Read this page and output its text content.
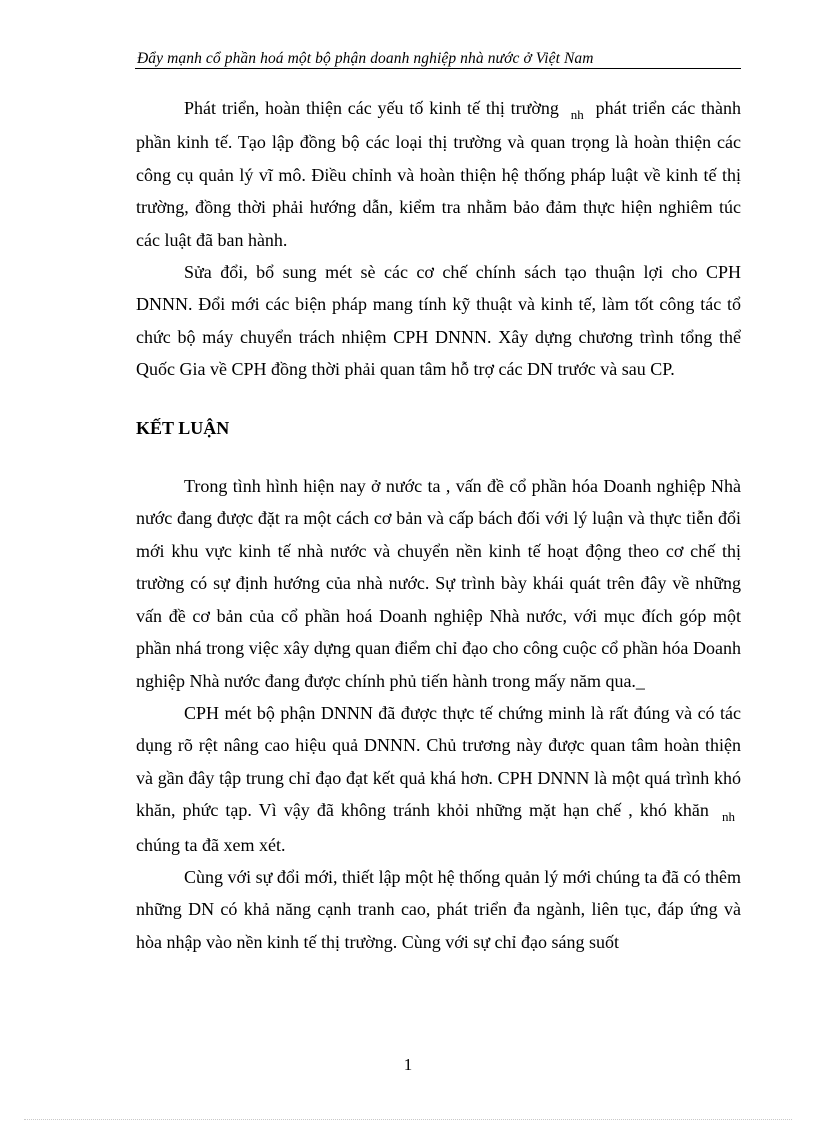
Đẩy mạnh cổ phần hoá một bộ phận doanh nghiệp nhà nước ở Việt Nam

Phát triển, hoàn thiện các yếu tố kinh tế thị trường $_{nh}$ phát triển các thành phần kinh tế. Tạo lập đồng bộ các loại thị trường và quan trọng là hoàn thiện các công cụ quản lý vĩ mô. Điều chỉnh và hoàn thiện hệ thống pháp luật về kinh tế thị trường, đồng thời phải hướng dẫn, kiểm tra nhằm bảo đảm thực hiện nghiêm túc các luật đã ban hành.

Sửa đổi, bổ sung mét sè các cơ chế chính sách tạo thuận lợi cho CPH DNNN. Đổi mới các biện pháp mang tính kỹ thuật và kinh tế, làm tốt công tác tổ chức bộ máy chuyển trách nhiệm CPH DNNN. Xây dựng chương trình tổng thể Quốc Gia về CPH đồng thời phải quan tâm hỗ trợ các DN trước và sau CP.

KẾT LUẬN

Trong tình hình hiện nay ở nước ta , vấn đề cổ phần hóa Doanh nghiệp Nhà nước đang được đặt ra một cách cơ bản và cấp bách đối với lý luận và thực tiễn đổi mới khu vực kinh tế nhà nước và chuyển nền kinh tế hoạt động theo cơ chế thị trường có sự định hướng của nhà nước. Sự trình bày khái quát trên đây về những vấn đề cơ bản của cổ phần hoá Doanh nghiệp Nhà nước, với mục đích góp một phần nhá trong việc xây dựng quan điểm chỉ đạo cho công cuộc cổ phần hóa Doanh nghiệp Nhà nước đang được chính phủ tiến hành trong mấy năm qua._

CPH mét bộ phận DNNN đã được thực tế chứng minh là rất đúng và có tác dụng rõ rệt nâng cao hiệu quả DNNN. Chủ trương này được quan tâm hoàn thiện và gần đây tập trung chỉ đạo đạt kết quả khá hơn. CPH DNNN là một quá trình khó khăn, phức tạp. Vì vậy đã không tránh khỏi những mặt hạn chế , khó khăn $_{nh}$ chúng ta đã xem xét.

Cùng với sự đổi mới, thiết lập một hệ thống quản lý mới chúng ta đã có thêm những DN có khả năng cạnh tranh cao, phát triển đa ngành, liên tục, đáp ứng và hòa nhập vào nền kinh tế thị trường. Cùng với sự chỉ đạo sáng suốt

1
